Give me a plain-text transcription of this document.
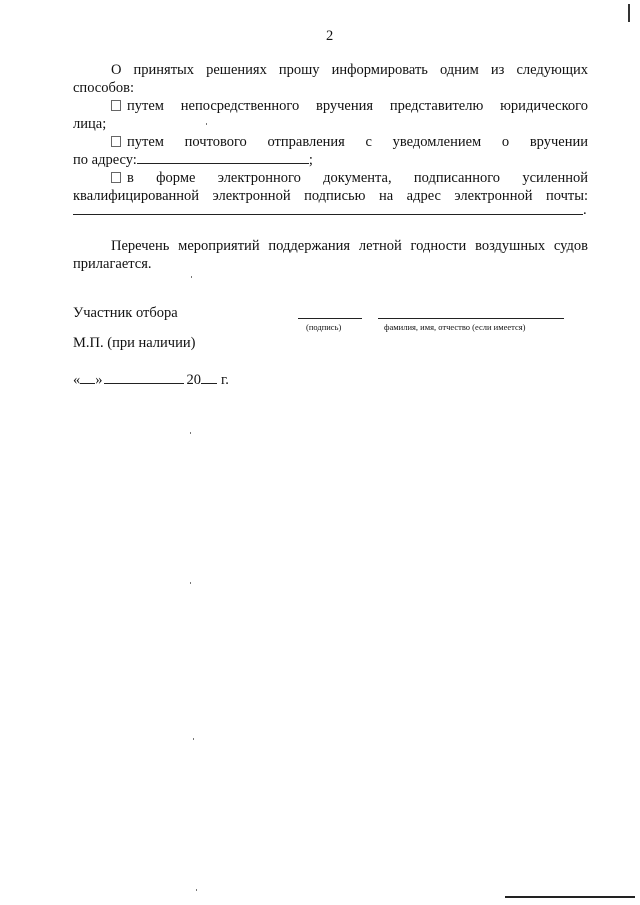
2
О принятых решениях прошу информировать одним из следующих
способов:
путем непосредственного вручения представителю юридического
лица;
путем почтового отправления с уведомлением о вручении
по адресу:	;
в форме электронного документа, подписанного усиленной
квалифицированной электронной подписью на адрес электронной почты:
.
Перечень мероприятий поддержания летной годности воздушных судов
прилагается.
Участник отбора
(подпись)	фамилия, имя, отчество (если имеется)
М.П. (при наличии)
« »	20 г.
